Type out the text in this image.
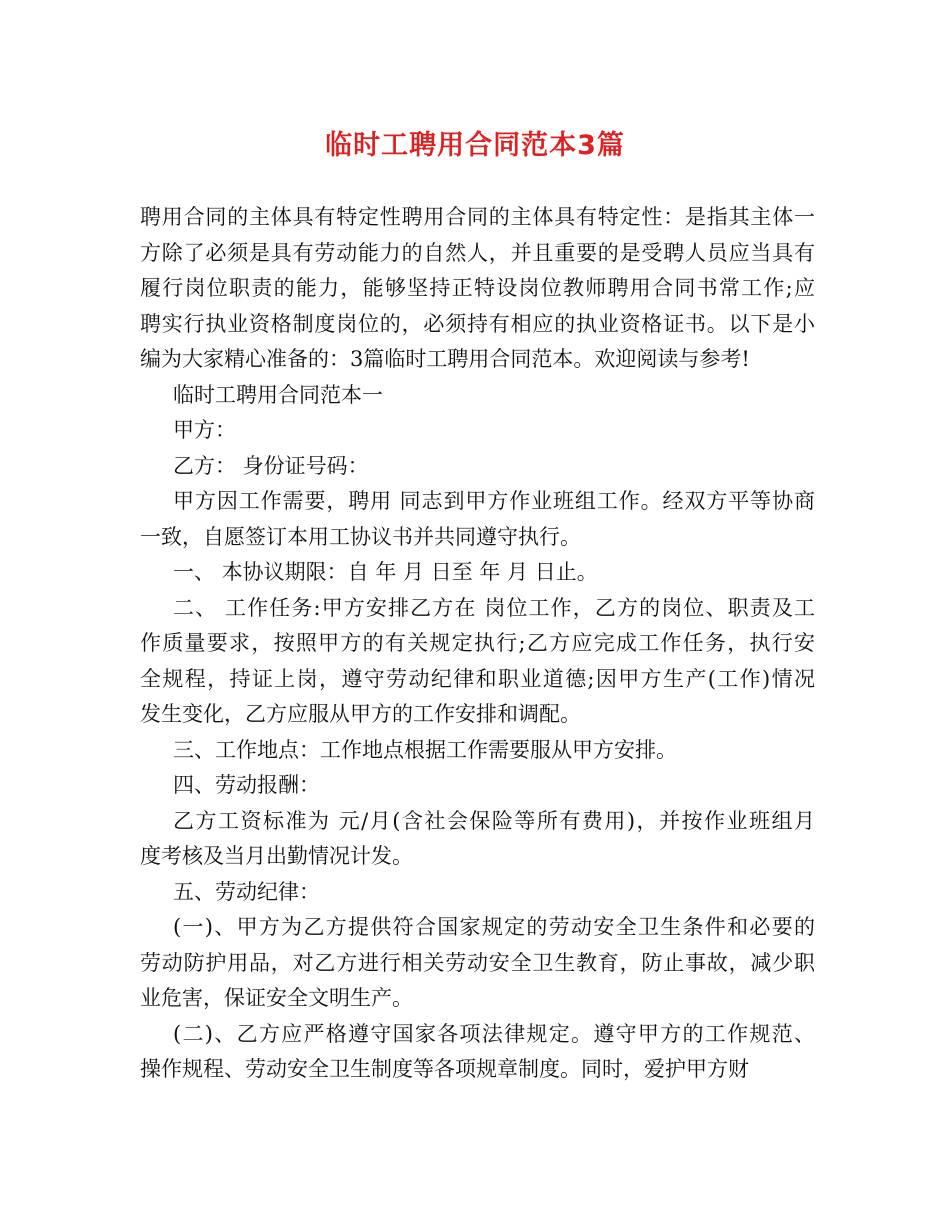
临时工聘用合同范本3篇
聘用合同的主体具有特定性聘用合同的主体具有特定性：是指其主体一
方除了必须是具有劳动能力的自然人，并且重要的是受聘人员应当具有
履行岗位职责的能力，能够坚持正特设岗位教师聘用合同书常工作;应
聘实行执业资格制度岗位的，必须持有相应的执业资格证书。以下是小
编为大家精心准备的：3篇临时工聘用合同范本。欢迎阅读与参考!
临时工聘用合同范本一
甲方：
乙方： 身份证号码：
甲方因工作需要，聘用 同志到甲方作业班组工作。经双方平等协商
一致，自愿签订本用工协议书并共同遵守执行。
一、 本协议期限：自 年 月 日至 年 月 日止。
二、 工作任务:甲方安排乙方在 岗位工作，乙方的岗位、职责及工
作质量要求，按照甲方的有关规定执行;乙方应完成工作任务，执行安
全规程，持证上岗，遵守劳动纪律和职业道德;因甲方生产(工作)情况
发生变化，乙方应服从甲方的工作安排和调配。
三、工作地点：工作地点根据工作需要服从甲方安排。
四、劳动报酬：
乙方工资标准为 元/月(含社会保险等所有费用)，并按作业班组月
度考核及当月出勤情况计发。
五、劳动纪律：
(一)、甲方为乙方提供符合国家规定的劳动安全卫生条件和必要的
劳动防护用品，对乙方进行相关劳动安全卫生教育，防止事故，减少职
业危害，保证安全文明生产。
(二)、乙方应严格遵守国家各项法律规定。遵守甲方的工作规范、
操作规程、劳动安全卫生制度等各项规章制度。同时，爱护甲方财
